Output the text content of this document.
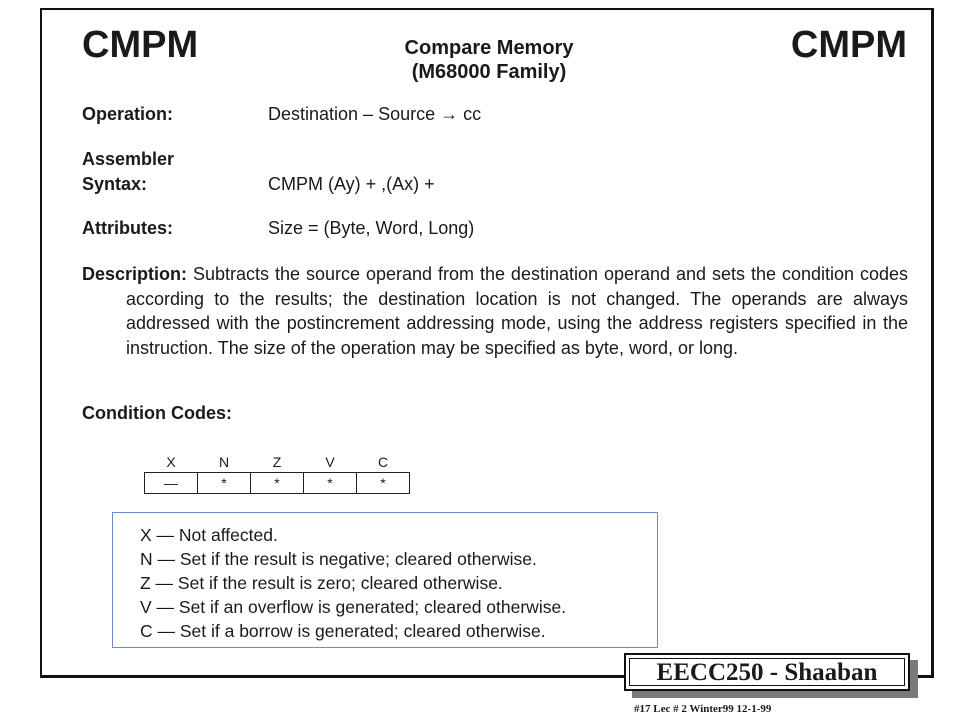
CMPM	Compare Memory
(M68000 Family)
CMPM
Operation:	Destination – Source → cc
Assembler
Syntax:	CMPM (Ay) + ,(Ax) +
Attributes:	Size = (Byte, Word, Long)

Description: Subtracts the source operand from the destination operand and sets the condition codes according to the results; the destination location is not changed. The operands are always addressed with the postincrement addressing mode, using the address registers specified in the instruction. The size of the operation may be specified as byte, word, or long.

Condition Codes:
X	N	Z	V	C
—	*	*	*	*
X — Not affected.
N — Set if the result is negative; cleared otherwise.
Z — Set if the result is zero; cleared otherwise.
V — Set if an overflow is generated; cleared otherwise.
C — Set if a borrow is generated; cleared otherwise.
EECC250 - Shaaban
#17 Lec # 2 Winter99 12-1-99
